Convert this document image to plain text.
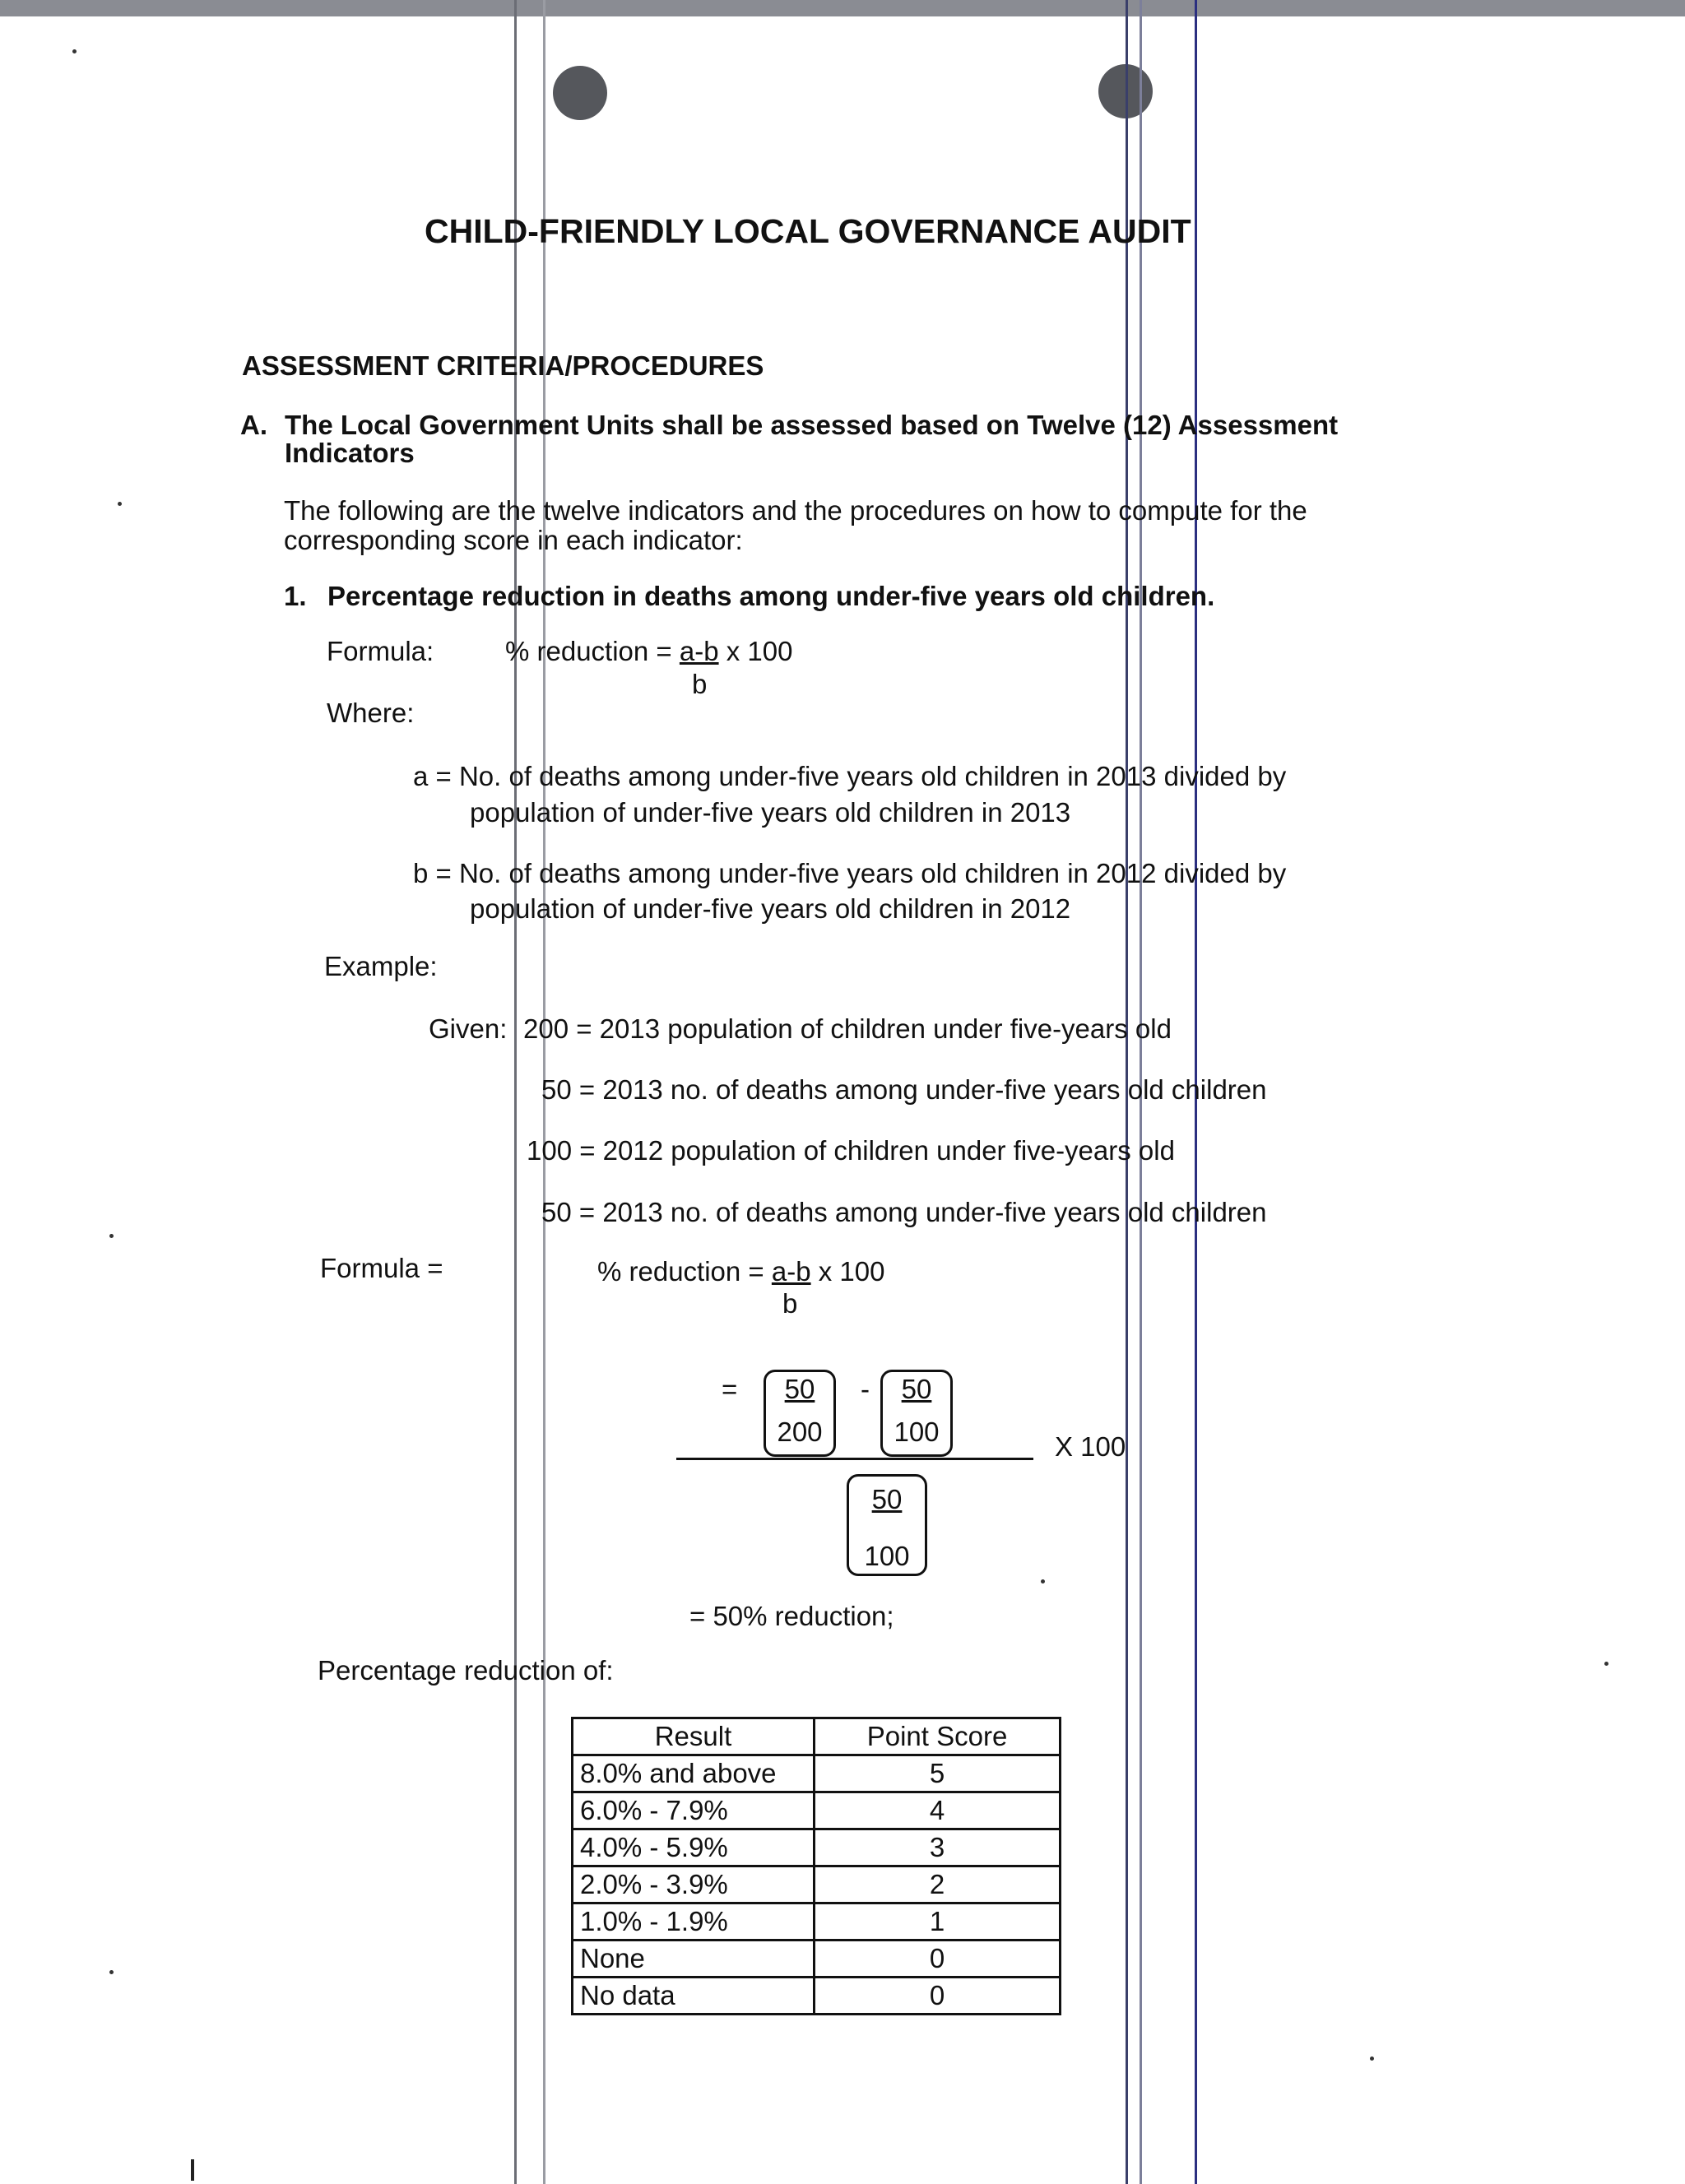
CHILD-FRIENDLY LOCAL GOVERNANCE AUDIT
ASSESSMENT CRITERIA/PROCEDURES
A. The Local Government Units shall be assessed based on Twelve (12) Assessment
Indicators
The following are the twelve indicators and the procedures on how to compute for the
corresponding score in each indicator:
1. Percentage reduction in deaths among under-five years old children.
Formula:	% reduction = a-b x 100
b
Where:
a = No. of deaths among under-five years old children in 2013 divided by
population of under-five years old children in 2013
b = No. of deaths among under-five years old children in 2012 divided by
population of under-five years old children in 2012
Example:
Given: 200 = 2013 population of children under five-years old
50 = 2013 no. of deaths among under-five years old children
100 = 2012 population of children under five-years old
50 = 2013 no. of deaths among under-five years old children
Formula =	% reduction = a-b x 100
b
=	50
200
-	50
100	X 100
50
100
= 50% reduction;
Percentage reduction of:
Result	Point Score
8.0% and above	5
6.0% - 7.9%	4
4.0% - 5.9%	3
2.0% - 3.9%	2
1.0% - 1.9%	1
None	0
No data	0
